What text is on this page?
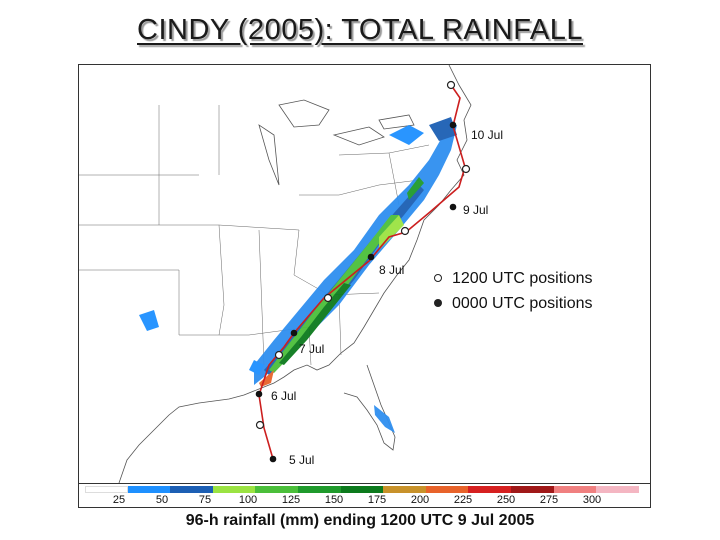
CINDY (2005): TOTAL RAINFALL
10 Jul
9 Jul
8 Jul
7 Jul
6 Jul
5 Jul
25	50	75	100 125 150 175 200 225 250 275 300
1200 UTC positions
0000 UTC positions
96-h rainfall (mm) ending 1200 UTC 9 Jul 2005
